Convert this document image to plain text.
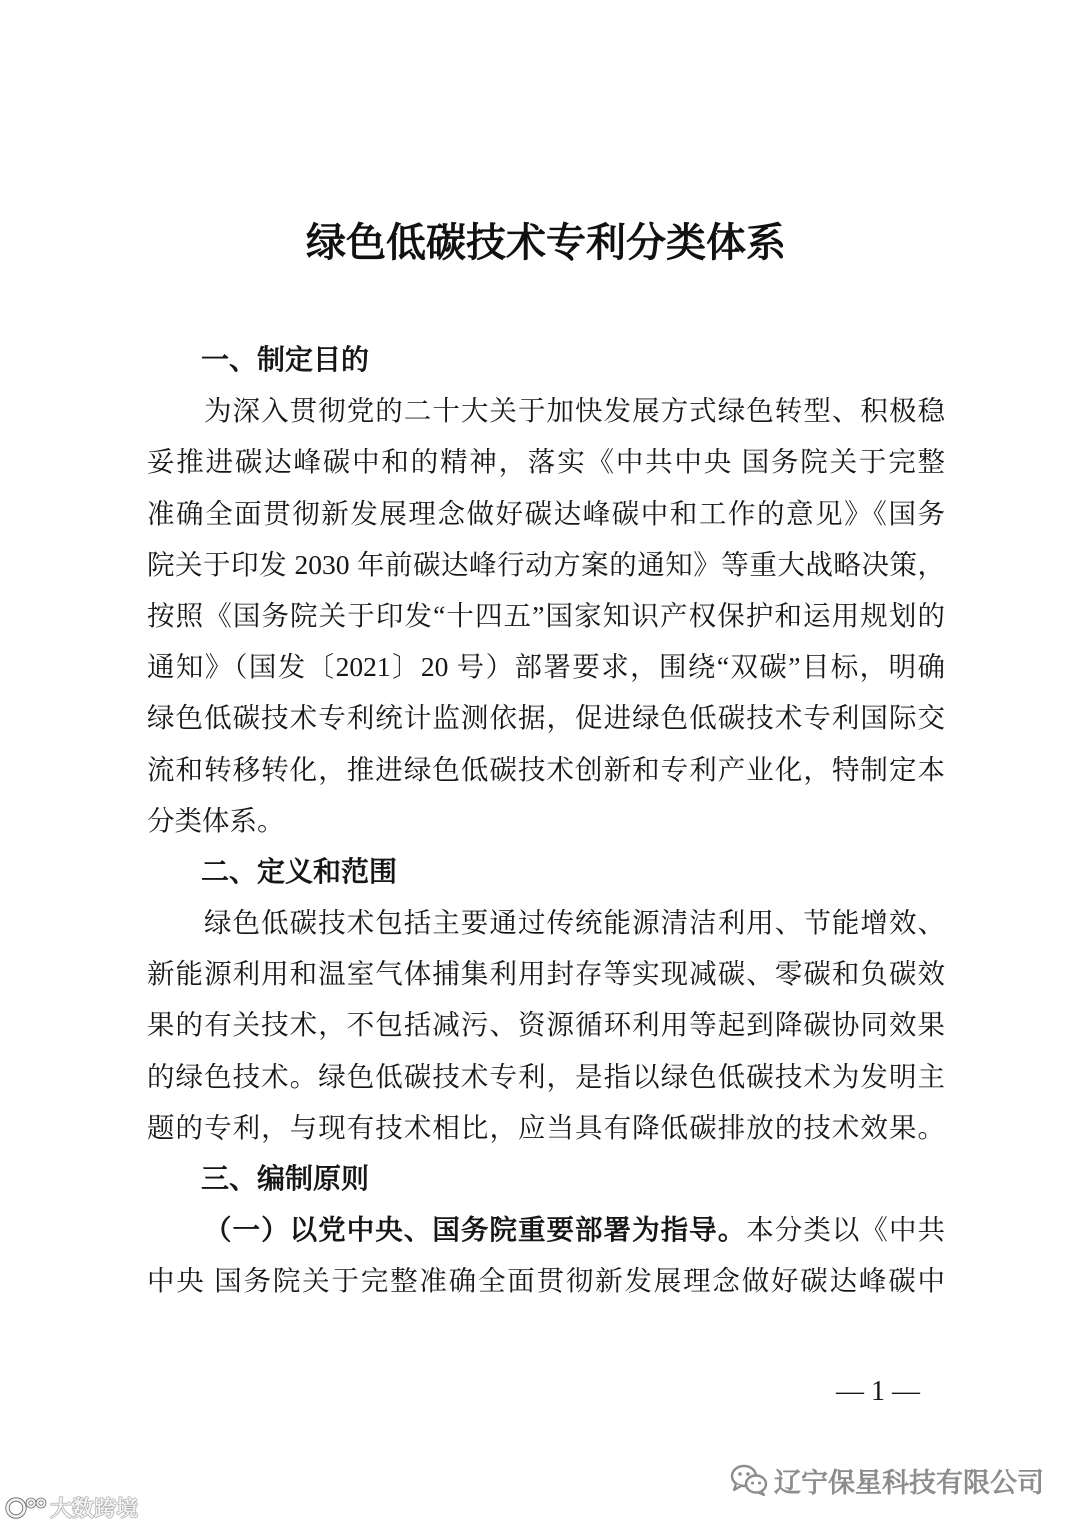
绿色低碳技术专利分类体系
一、制定目的
为深入贯彻党的二十大关于加快发展方式绿色转型、积极稳
妥推进碳达峰碳中和的精神，落实《中共中央 国务院关于完整
准确全面贯彻新发展理念做好碳达峰碳中和工作的意见》《国务
院关于印发 2030 年前碳达峰行动方案的通知》等重大战略决策，
按照《国务院关于印发“十四五”国家知识产权保护和运用规划的
通知》（国发〔2021〕20 号）部署要求，围绕“双碳”目标，明确
绿色低碳技术专利统计监测依据，促进绿色低碳技术专利国际交
流和转移转化，推进绿色低碳技术创新和专利产业化，特制定本
分类体系。
二、定义和范围
绿色低碳技术包括主要通过传统能源清洁利用、节能增效、
新能源利用和温室气体捕集利用封存等实现减碳、零碳和负碳效
果的有关技术，不包括减污、资源循环利用等起到降碳协同效果
的绿色技术。绿色低碳技术专利，是指以绿色低碳技术为发明主
题的专利，与现有技术相比，应当具有降低碳排放的技术效果。
三、编制原则
（一）以党中央、国务院重要部署为指导。本分类以《中共
中央 国务院关于完整准确全面贯彻新发展理念做好碳达峰碳中
— 1 —
辽宁保星科技有限公司
大数跨境
